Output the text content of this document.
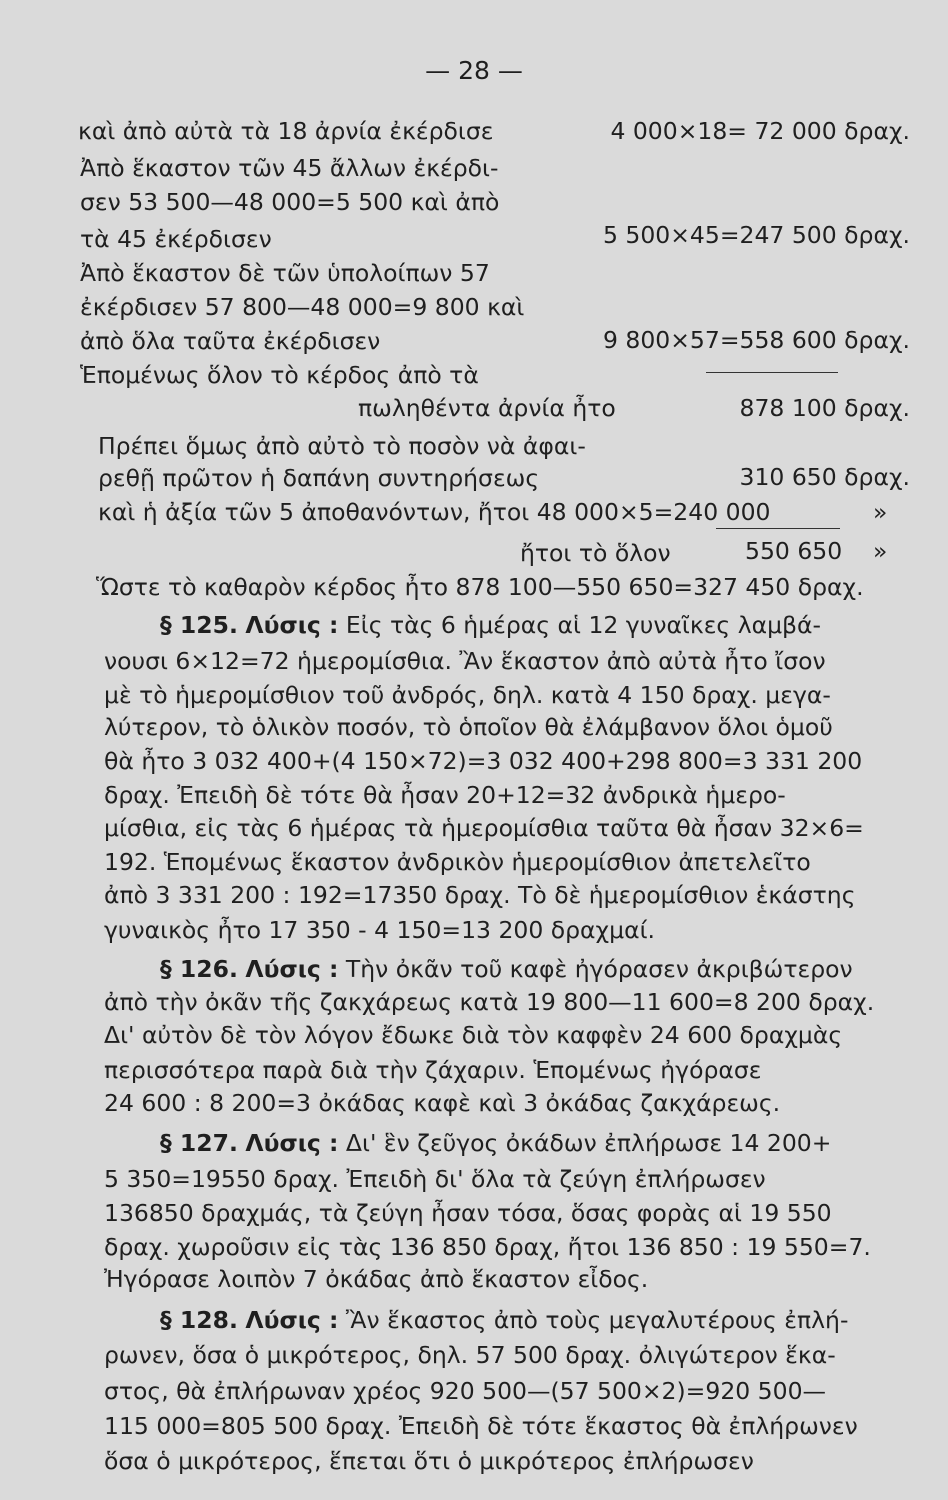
— 28 —
καὶ ἀπὸ αὐτὰ τὰ 18 ἀρνία ἐκέρδισε	4 000×18= 72 000 δραχ.
Ἀπὸ ἕκαστον τῶν 45 ἄλλων ἐκέρδι-
σεν 53 500—48 000=5 500 καὶ ἀπὸ
τὰ 45 ἐκέρδισεν	5 500×45=247 500 δραχ.
Ἀπὸ ἕκαστον δὲ τῶν ὑπολοίπων 57
ἐκέρδισεν 57 800—48 000=9 800 καὶ
ἀπὸ ὅλα ταῦτα ἐκέρδισεν	9 800×57=558 600 δραχ.
Ἑπομένως ὅλον τὸ κέρδος ἀπὸ τὰ
πωληθέντα ἀρνία ἦτο	878 100 δραχ.
Πρέπει ὅμως ἀπὸ αὐτὸ τὸ ποσὸν νὰ ἀφαι-
ρεθῇ πρῶτον ἡ δαπάνη συντηρήσεως	310 650 δραχ.
καὶ ἡ ἀξία τῶν 5 ἀποθανόντων, ἤτοι 48 000×5=240 000	»
ἤτοι τὸ ὅλον	550 650 »
Ὥστε τὸ καθαρὸν κέρδος ἦτο 878 100—550 650=327 450 δραχ.
§ 125. Λύσις : Εἰς τὰς 6 ἡμέρας αἱ 12 γυναῖκες λαμβά-
νουσι 6×12=72 ἡμερομίσθια. Ἂν ἕκαστον ἀπὸ αὐτὰ ἦτο ἴσον
μὲ τὸ ἡμερομίσθιον τοῦ ἀνδρός, δηλ. κατὰ 4 150 δραχ. μεγα-
λύτερον, τὸ ὁλικὸν ποσόν, τὸ ὁποῖον θὰ ἐλάμβανον ὅλοι ὁμοῦ
θὰ ἦτο 3 032 400+(4 150×72)=3 032 400+298 800=3 331 200
δραχ. Ἐπειδὴ δὲ τότε θὰ ἦσαν 20+12=32 ἀνδρικὰ ἡμερο-
μίσθια, εἰς τὰς 6 ἡμέρας τὰ ἡμερομίσθια ταῦτα θὰ ἦσαν 32×6=
192. Ἑπομένως ἕκαστον ἀνδρικὸν ἡμερομίσθιον ἀπετελεῖτο
ἀπὸ 3 331 200 : 192=17350 δραχ. Τὸ δὲ ἡμερομίσθιον ἑκάστης
γυναικὸς ἦτο 17 350 - 4 150=13 200 δραχμαί.
§ 126. Λύσις : Τὴν ὀκᾶν τοῦ καφὲ ἠγόρασεν ἀκριβώτερον
ἀπὸ τὴν ὀκᾶν τῆς ζακχάρεως κατὰ 19 800—11 600=8 200 δραχ.
Δι' αὐτὸν δὲ τὸν λόγον ἔδωκε διὰ τὸν καφφὲν 24 600 δραχμὰς
περισσότερα παρὰ διὰ τὴν ζάχαριν. Ἑπομένως ἠγόρασε
24 600 : 8 200=3 ὀκάδας καφὲ καὶ 3 ὀκάδας ζακχάρεως.
§ 127. Λύσις : Δι' ἓν ζεῦγος ὀκάδων ἐπλήρωσε 14 200+
5 350=19550 δραχ. Ἐπειδὴ δι' ὅλα τὰ ζεύγη ἐπλήρωσεν
136850 δραχμάς, τὰ ζεύγη ἦσαν τόσα, ὅσας φορὰς αἱ 19 550
δραχ. χωροῦσιν εἰς τὰς 136 850 δραχ, ἤτοι 136 850 : 19 550=7.
Ἠγόρασε λοιπὸν 7 ὀκάδας ἀπὸ ἕκαστον εἶδος.
§ 128. Λύσις : Ἂν ἕκαστος ἀπὸ τοὺς μεγαλυτέρους ἐπλή-
ρωνεν, ὅσα ὁ μικρότερος, δηλ. 57 500 δραχ. ὀλιγώτερον ἕκα-
στος, θὰ ἐπλήρωναν χρέος 920 500—(57 500×2)=920 500—
115 000=805 500 δραχ. Ἐπειδὴ δὲ τότε ἕκαστος θὰ ἐπλήρωνεν
ὅσα ὁ μικρότερος, ἕπεται ὅτι ὁ μικρότερος ἐπλήρωσεν
